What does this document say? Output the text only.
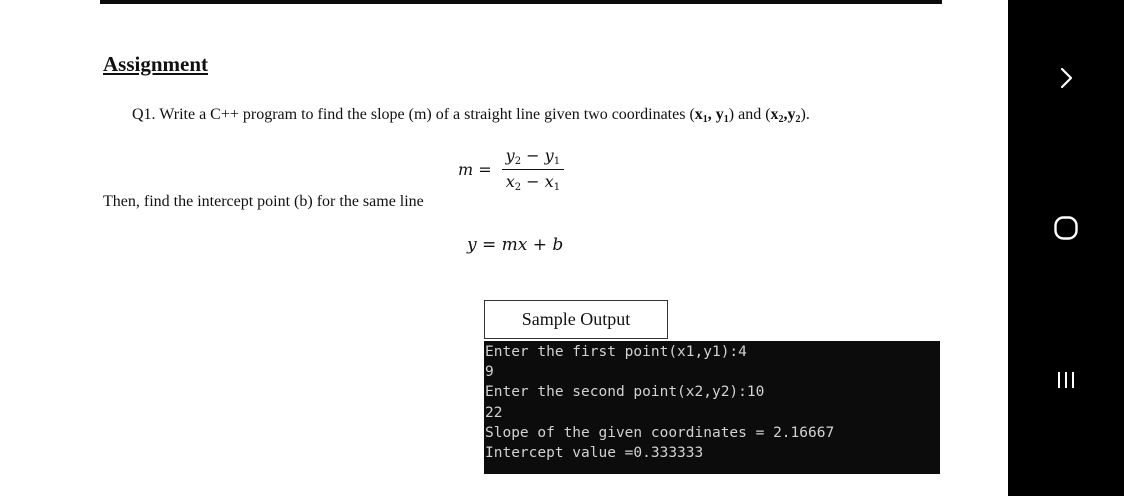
Assignment
Q1. Write a C++ program to find the slope (m) of a straight line given two coordinates ($x_1$, $y_1$) and $(x_2,y_2)$.
$m = \frac{y_2 - y_1}{x_2 - x_1}$
Then, find the intercept point (b) for the same line
y = mx + b
Sample Output
Enter the first point(x1,y1):4
9
Enter the second point(x2,y2):10
22
Slope of the given coordinates = 2.16667
Intercept value =0.333333
